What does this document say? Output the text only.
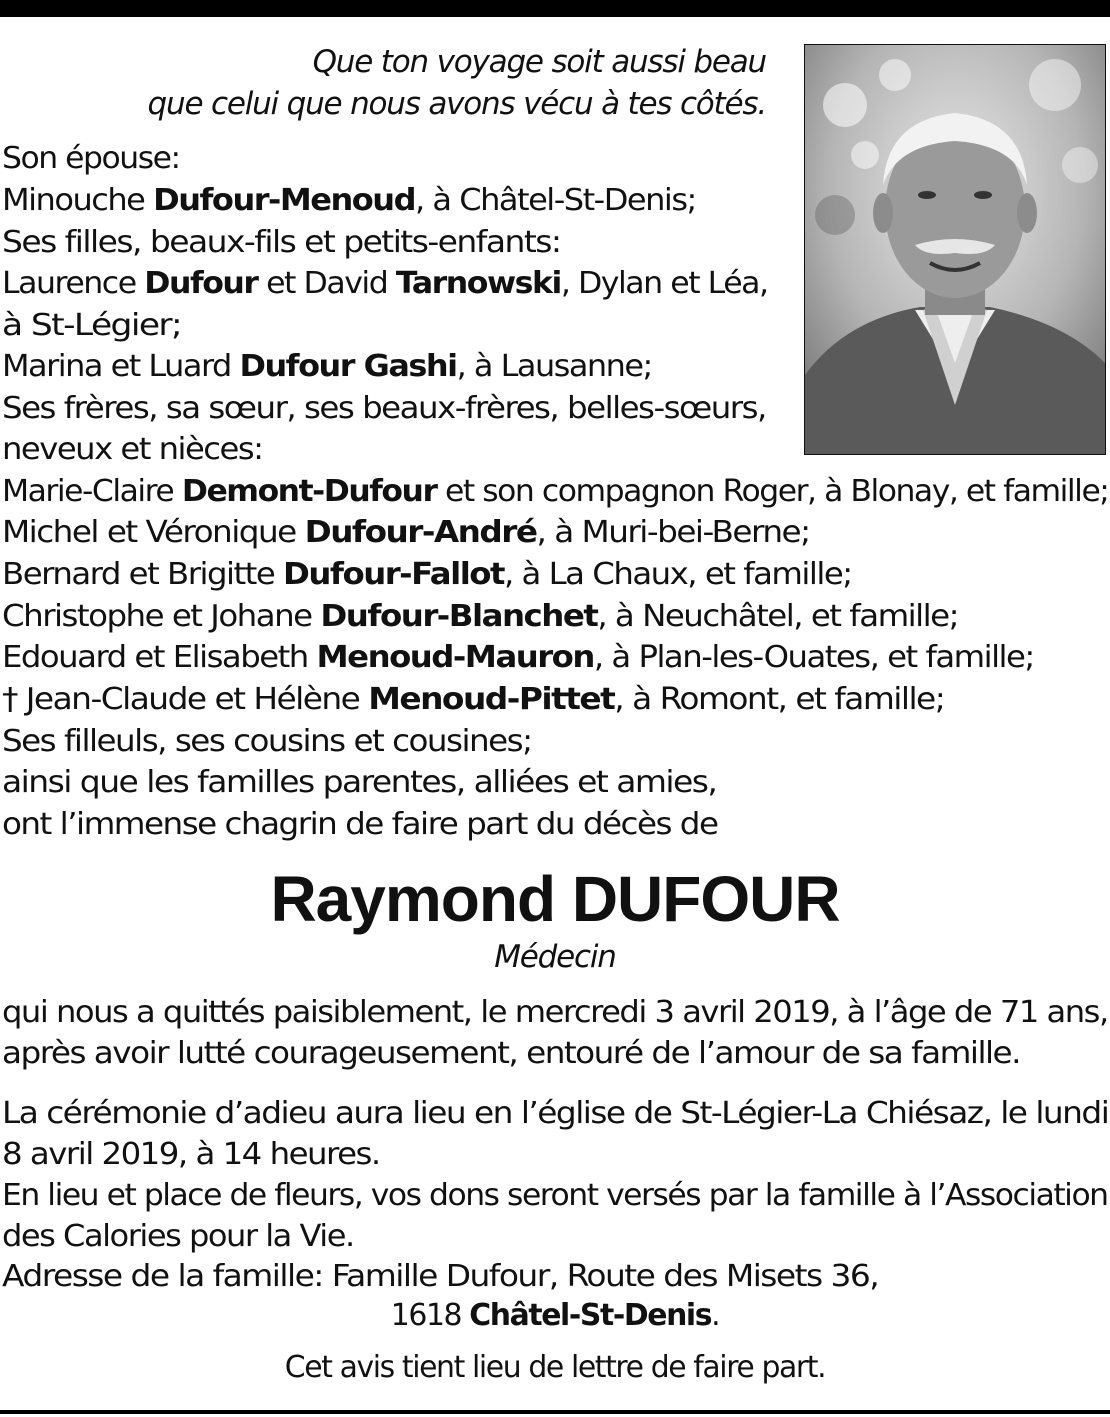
Que ton voyage soit aussi beau
que celui que nous avons vécu à tes côtés.
Son épouse:
Minouche Dufour-Menoud, à Châtel-St-Denis;
Ses filles, beaux-fils et petits-enfants:
Laurence Dufour et David Tarnowski, Dylan et Léa,
à St-Légier;
Marina et Luard Dufour Gashi, à Lausanne;
Ses frères, sa sœur, ses beaux-frères, belles-sœurs,
neveux et nièces:
Marie-Claire Demont-Dufour et son compagnon Roger, à Blonay, et famille;
Michel et Véronique Dufour-André, à Muri-bei-Berne;
Bernard et Brigitte Dufour-Fallot, à La Chaux, et famille;
Christophe et Johane Dufour-Blanchet, à Neuchâtel, et famille;
Edouard et Elisabeth Menoud-Mauron, à Plan-les-Ouates, et famille;
† Jean-Claude et Hélène Menoud-Pittet, à Romont, et famille;
Ses filleuls, ses cousins et cousines;
ainsi que les familles parentes, alliées et amies,
ont l’immense chagrin de faire part du décès de
Raymond DUFOUR
Médecin
qui nous a quittés paisiblement, le mercredi 3 avril 2019, à l’âge de 71 ans,
après avoir lutté courageusement, entouré de l’amour de sa famille.
La cérémonie d’adieu aura lieu en l’église de St-Légier-La Chiésaz, le lundi
8 avril 2019, à 14 heures.
En lieu et place de fleurs, vos dons seront versés par la famille à l’Association
des Calories pour la Vie.
Adresse de la famille: Famille Dufour, Route des Misets 36,
1618 Châtel-St-Denis.
Cet avis tient lieu de lettre de faire part.
